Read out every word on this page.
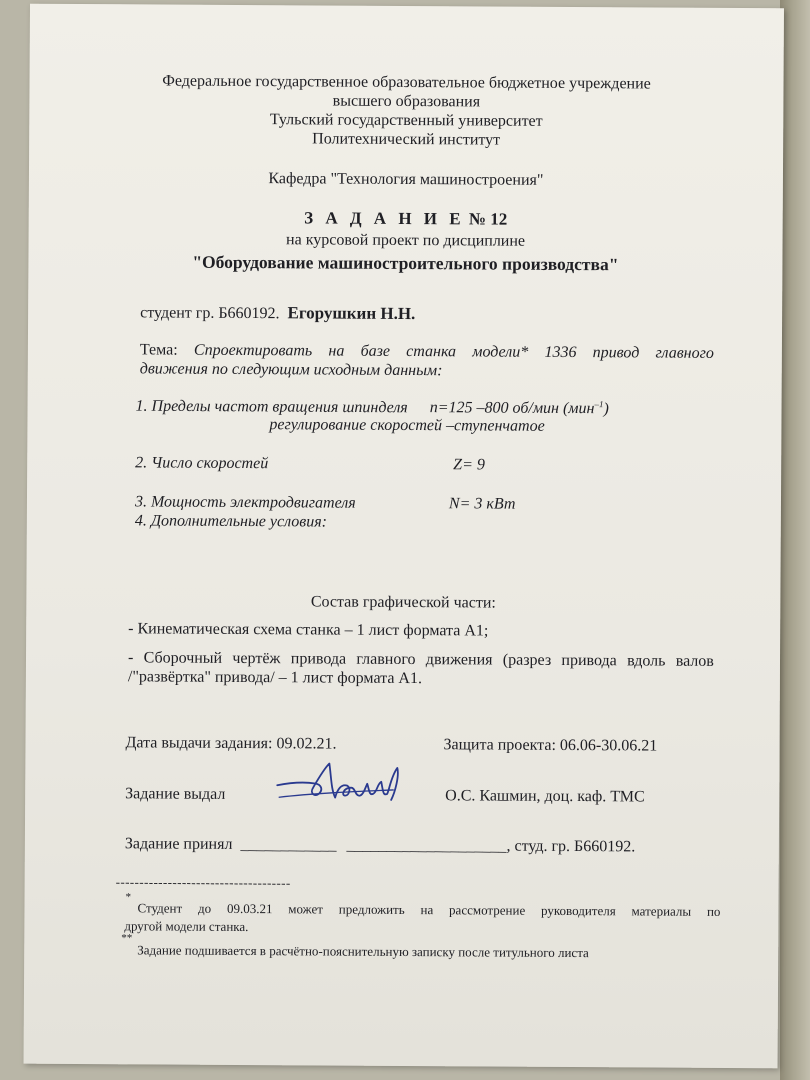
Федеральное государственное образовательное бюджетное учреждение
высшего образования
Тульский государственный университет
Политехнический институт
Кафедра "Технология машиностроения"
З А Д А Н И Е № 12
на курсовой проект по дисциплине
"Оборудование машиностроительного производства"
студент гр. Б660192. Егорушкин Н.Н.
Тема: Спроектировать на базе станка модели* 1336 привод главного
движения по следующим исходным данным:
1. Пределы частот вращения шпинделя n=125 –800 об/мин (мин$^{-1}$)
регулирование скоростей –ступенчатое
2. Число скоростей	Z= 9
3. Мощность электродвигателя	N= 3 кВт
4. Дополнительные условия:
Состав графической части:
- Кинематическая схема станка – 1 лист формата А1;
- Сборочный чертёж привода главного движения (разрез привода вдоль валов
/"развёртка" привода/ – 1 лист формата А1.
Дата выдачи задания: 09.02.21.	Защита проекта: 06.06-30.06.21
Задание выдал	О.С. Кашмин, доц. каф. ТМС
Задание принял ____________ ____________________, студ. гр. Б660192.
-------------------------------------
*
Студент до 09.03.21 может предложить на рассмотрение руководителя материалы по
другой модели станка.
**
Задание подшивается в расчётно-пояснительную записку после титульного листа
